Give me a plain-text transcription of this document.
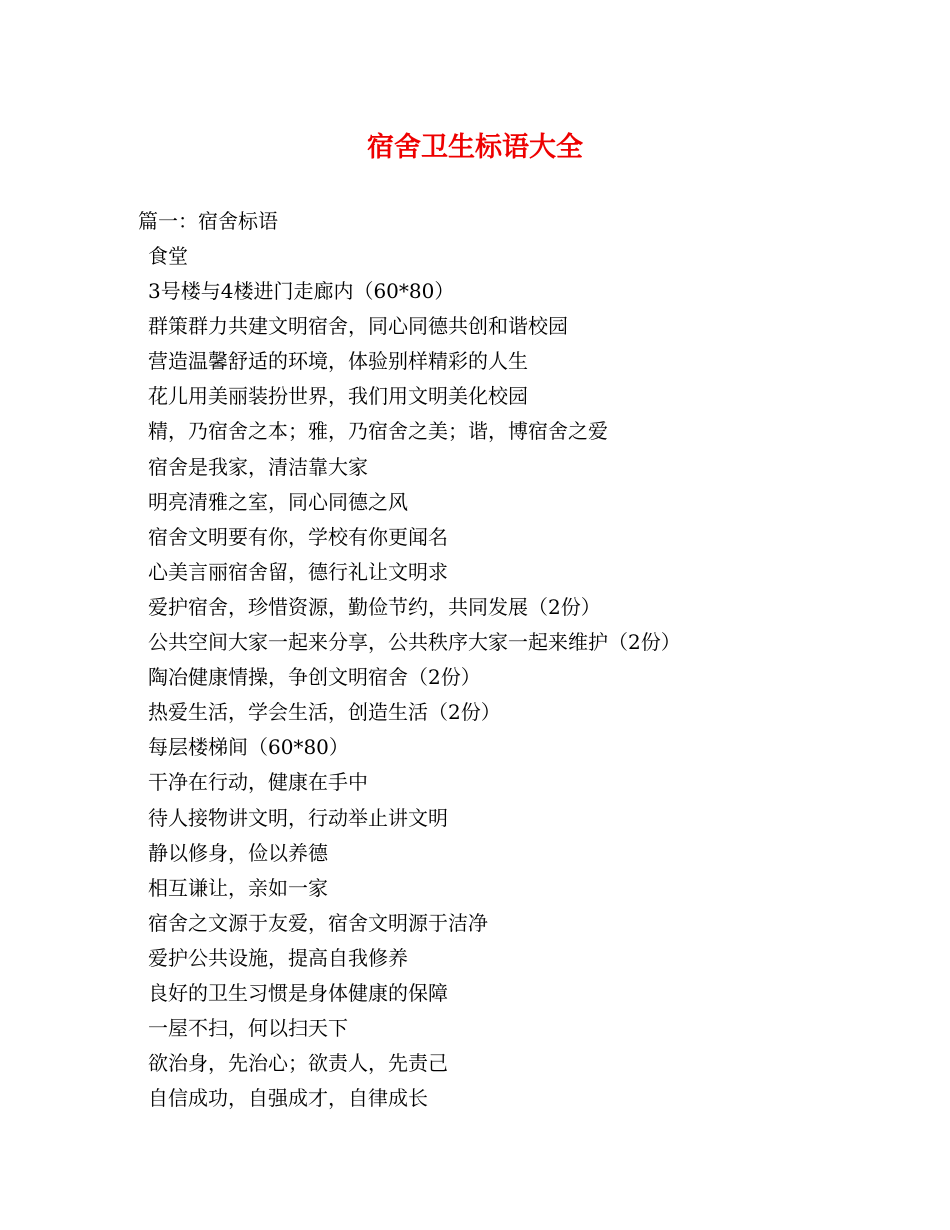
宿舍卫生标语大全
篇一：宿舍标语
食堂
3号楼与4楼进门走廊内（60*80）
群策群力共建文明宿舍，同心同德共创和谐校园
营造温馨舒适的环境，体验别样精彩的人生
花儿用美丽装扮世界，我们用文明美化校园
精，乃宿舍之本；雅，乃宿舍之美；谐，博宿舍之爱
宿舍是我家，清洁靠大家
明亮清雅之室，同心同德之风
宿舍文明要有你，学校有你更闻名
心美言丽宿舍留，德行礼让文明求
爱护宿舍，珍惜资源，勤俭节约，共同发展（2份）
公共空间大家一起来分享，公共秩序大家一起来维护（2份）
陶冶健康情操，争创文明宿舍（2份）
热爱生活，学会生活，创造生活（2份）
每层楼梯间（60*80）
干净在行动，健康在手中
待人接物讲文明，行动举止讲文明
静以修身，俭以养德
相互谦让，亲如一家
宿舍之文源于友爱，宿舍文明源于洁净
爱护公共设施，提高自我修养
良好的卫生习惯是身体健康的保障
一屋不扫，何以扫天下
欲治身，先治心；欲责人，先责己
自信成功，自强成才，自律成长
